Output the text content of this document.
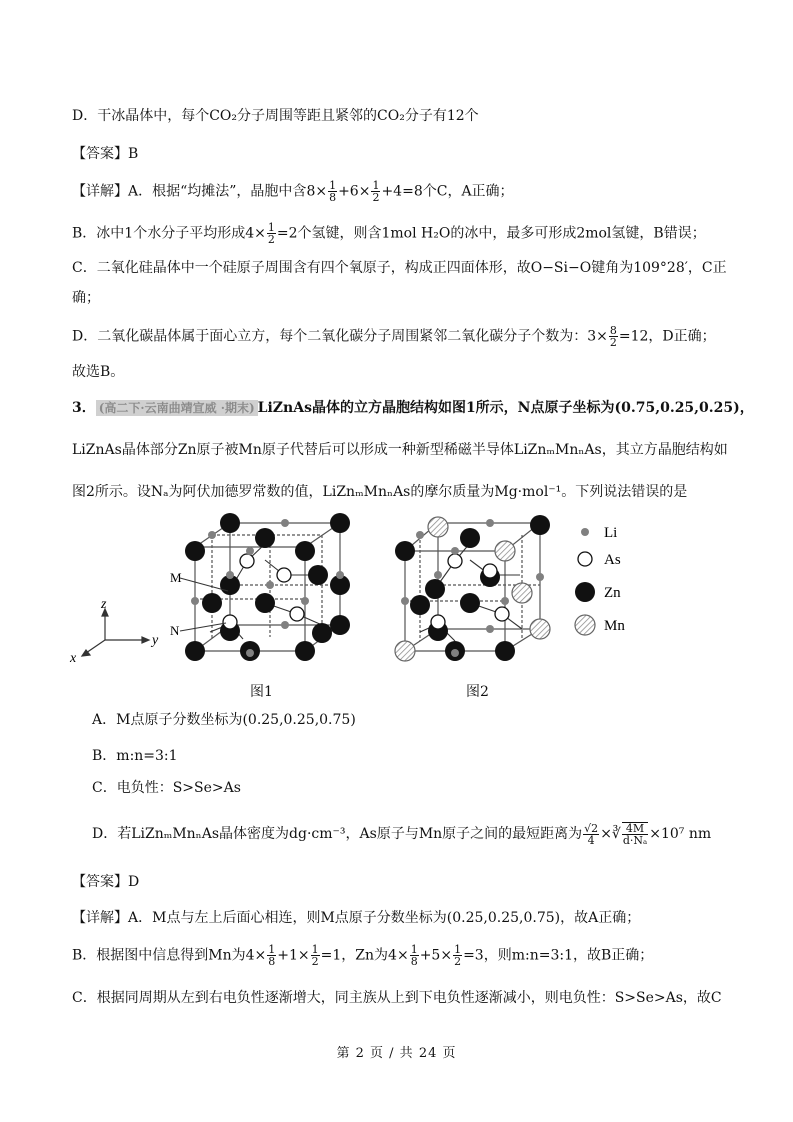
D．干冰晶体中，每个CO₂分子周围等距且紧邻的CO₂分子有12个
【答案】B
【详解】A．根据“均摊法”，晶胞中含$8\times \frac{1}{8} +6\times \frac{1}{2} +4=8$个C，A正确；
B．冰中1个水分子平均形成$4\times \frac{1}{2} =2$个氢键，则含1mol H₂O的冰中，最多可形成2mol氢键，B错误；
C．二氧化硅晶体中一个硅原子周围含有四个氧原子，构成正四面体形，故O−Si−O键角为109°28′，C正
确；
D．二氧化碳晶体属于面心立方，每个二氧化碳分子周围紧邻二氧化碳分子个数为：$3\times \frac{8}{2} =12$，D正确；
故选B。
3． (高二下·云南曲靖宣威 ·期末) LiZnAs晶体的立方晶胞结构如图1所示，N点原子坐标为(0.75,0.25,0.25)，
LiZnAs晶体部分Zn原子被Mn原子代替后可以形成一种新型稀磁半导体LiZnₘMnₙAs，其立方晶胞结构如
图2所示。设Nₐ为阿伏加德罗常数的值，LiZnₘMnₙAs的摩尔质量为Mg·mol⁻¹。下列说法错误的是
M
N
z
y
x
Li
As
Zn
Mn
图1	图2
A．M点原子分数坐标为(0.25,0.25,0.75)
B．m:n=3:1
C．电负性：S>Se>As
D．若LiZnₘMnₙAs晶体密度为dg·cm⁻³，As原子与Mn原子之间的最短距离为 $\frac{√2}{4}$ ×∛ $\frac{4M}{\text{d·Nₐ}} \times 10^7$ nm
【答案】D
【详解】A．M点与左上后面心相连，则M点原子分数坐标为(0.25,0.25,0.75)，故A正确；
B．根据图中信息得到Mn为$4\times \frac{1}{8} +1\times \frac{1}{2} =1$，Zn为$4\times \frac{1}{8} +5\times \frac{1}{2} =3$，则m:n=3:1，故B正确；
C．根据同周期从左到右电负性逐渐增大，同主族从上到下电负性逐渐减小，则电负性：S>Se>As，故C
第 2 页 / 共 24 页
